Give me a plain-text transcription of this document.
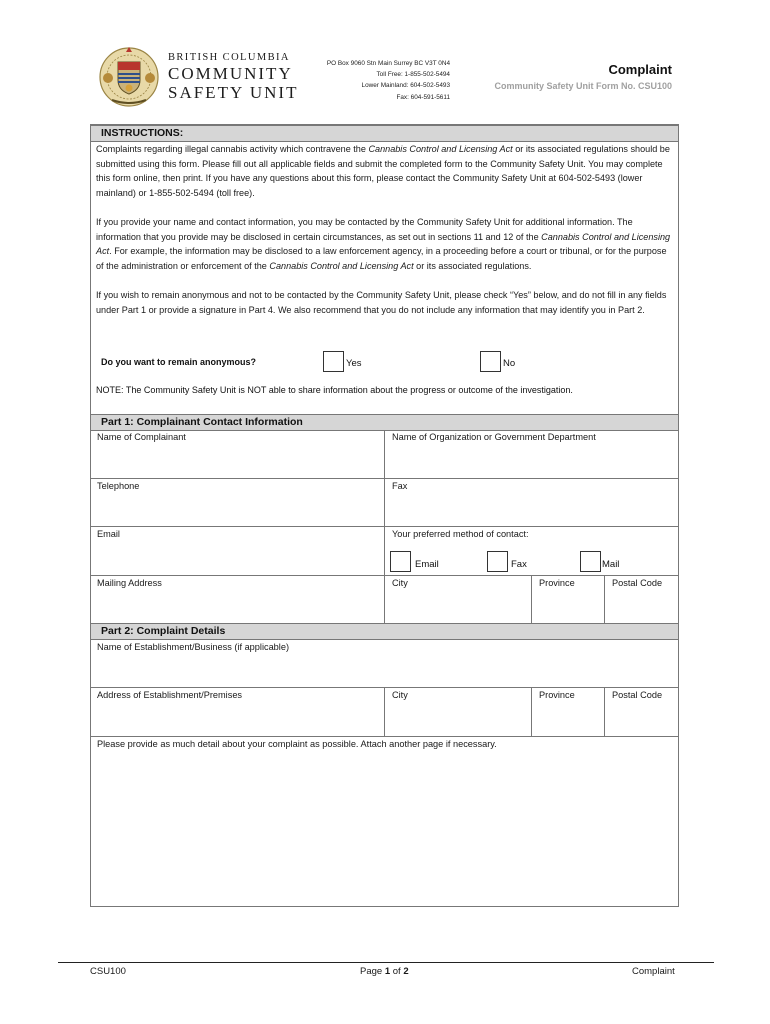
BRITISH COLUMBIA
COMMUNITY
SAFETY UNIT
PO Box 9060 Stn Main Surrey BC V3T 0N4
Toll Free: 1-855-502-5494
Lower Mainland: 604-502-5493
Fax: 604-591-5611
Complaint
Community Safety Unit Form No. CSU100
INSTRUCTIONS:

Complaints regarding illegal cannabis activity which contravene the Cannabis Control and Licensing Act or its associated regulations should be submitted using this form. Please fill out all applicable fields and submit the completed form to the Community Safety Unit. You may complete this form online, then print. If you have any questions about this form, please contact the Community Safety Unit at 604-502-5493 (lower mainland) or 1-855-502-5494 (toll free).

If you provide your name and contact information, you may be contacted by the Community Safety Unit for additional information. The information that you provide may be disclosed in certain circumstances, as set out in sections 11 and 12 of the Cannabis Control and Licensing Act. For example, the information may be disclosed to a law enforcement agency, in a proceeding before a court or tribunal, or for the purpose of the administration or enforcement of the Cannabis Control and Licensing Act or its associated regulations.

If you wish to remain anonymous and not to be contacted by the Community Safety Unit, please check “Yes” below, and do not fill in any fields under Part 1 or provide a signature in Part 4. We also recommend that you do not include any information that may identify you in Part 2.

Do you want to remain anonymous?	Yes	No
NOTE: The Community Safety Unit is NOT able to share information about the progress or outcome of the investigation.
Part 1: Complainant Contact Information
Name of Complainant	Name of Organization or Government Department
Telephone	Fax
Email	Your preferred method of contact:
Email	Fax	Mail
Mailing Address	City	Province	Postal Code
Part 2: Complaint Details
Name of Establishment/Business (if applicable)
Address of Establishment/Premises	City	Province	Postal Code
Please provide as much detail about your complaint as possible. Attach another page if necessary.
CSU100	Page 1 of 2	Complaint
